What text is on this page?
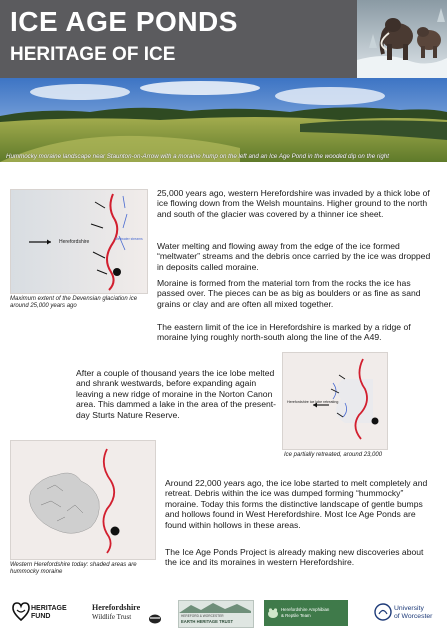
ICE AGE PONDS
HERITAGE OF ICE
Hummocky moraine landscape near Staunton-on-Arrow with a moraine hump on the left and an Ice Age Pond in the wooded dip on the right
Herefordshire	Meltwater streams

Maximum extent of the Devensian glaciation ice around 25,000 years ago

25,000 years ago, western Herefordshire was invaded by a thick lobe of ice flowing down from the Welsh mountains. Higher ground to the north and south of the glacier was covered by a thinner ice sheet.

Water melting and flowing away from the edge of the ice formed “meltwater” streams and the debris once carried by the ice was dropped in deposits called moraine.

Moraine is formed from the material torn from the rocks the ice has passed over. The pieces can be as big as boulders or as fine as sand grains or clay and are often all mixed together.

The eastern limit of the ice in Herefordshire is marked by a ridge of moraine lying roughly north-south along the line of the A49.

After a couple of thousand years the ice lobe melted and shrank westwards, before expanding again leaving a new ridge of moraine in the Norton Canon area. This dammed a lake in the area of the present-day Sturts Nature Reserve.

Herefordshire ice lobe retreating

Ice partially retreated, around 23,000

Western Herefordshire today: shaded areas are hummocky moraine

Around 22,000 years ago, the ice lobe started to melt completely and retreat. Debris within the ice was dumped forming “hummocky” moraine. Today this forms the distinctive landscape of gentle bumps and hollows found in West Herefordshire. Most Ice Age Ponds are found within hollows in these areas.

The Ice Age Ponds Project is already making new discoveries about the ice and its moraines in western Herefordshire.

HERITAGE
FUND
Herefordshire
Wildlife Trust	HEREFORD & WORCESTER
EARTH HERITAGE TRUST
Herefordshire Amphibian
& Reptile Team
University
of Worcester
